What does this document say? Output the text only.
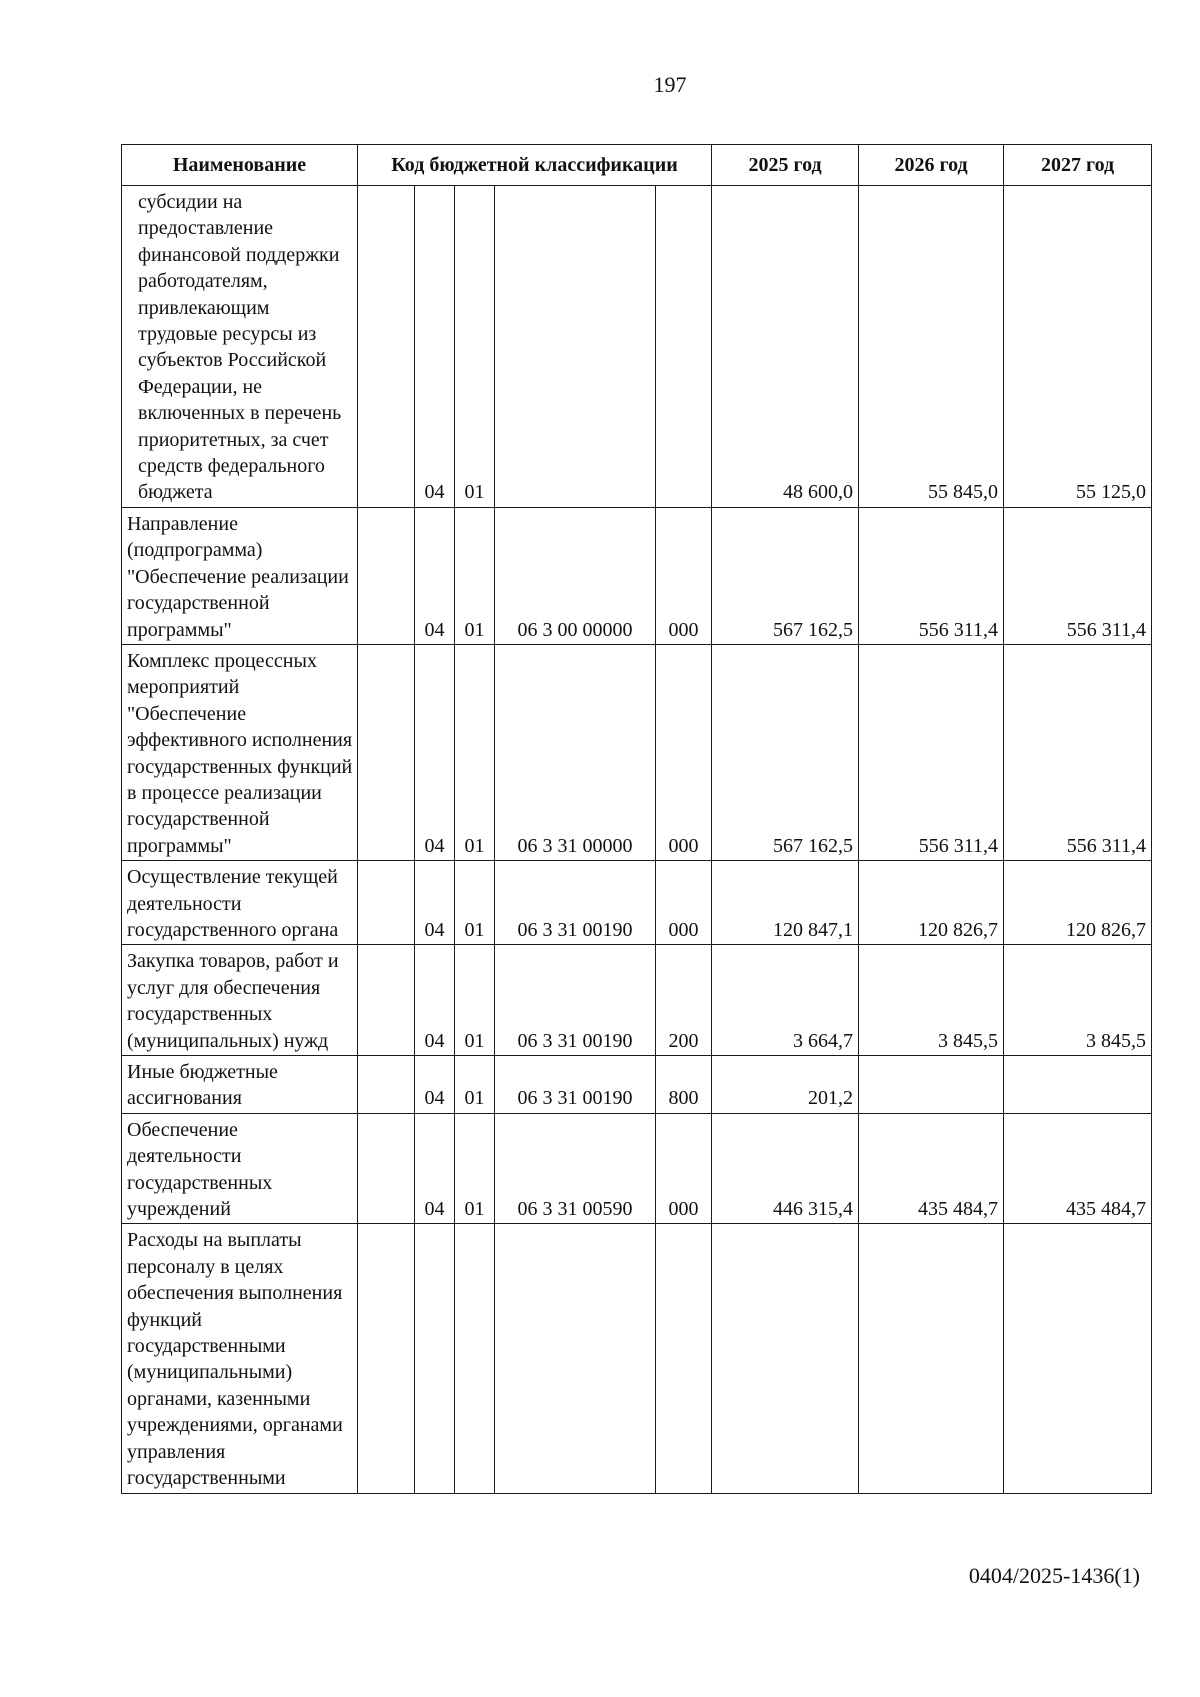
197
Наименование	Код бюджетной классификации					2025 год	2026 год	2027 год
субсидии на предоставление финансовой поддержки работодателям, привлекающим трудовые ресурсы из субъектов Российской Федерации, не включенных в перечень приоритетных, за счет средств федерального бюджета		04	01			48 600,0	55 845,0	55 125,0
Направление (подпрограмма) "Обеспечение реализации государственной программы"		04	01	06 3 00 00000	000	567 162,5	556 311,4	556 311,4
Комплекс процессных мероприятий "Обеспечение эффективного исполнения государственных функций в процессе реализации государственной программы"		04	01	06 3 31 00000	000	567 162,5	556 311,4	556 311,4
Осуществление текущей деятельности государственного органа		04	01	06 3 31 00190	000	120 847,1	120 826,7	120 826,7
Закупка товаров, работ и услуг для обеспечения государственных (муниципальных) нужд		04	01	06 3 31 00190	200	3 664,7	3 845,5	3 845,5
Иные бюджетные ассигнования		04	01	06 3 31 00190	800	201,2		
Обеспечение деятельности государственных учреждений		04	01	06 3 31 00590	000	446 315,4	435 484,7	435 484,7
Расходы на выплаты персоналу в целях обеспечения выполнения функций государственными (муниципальными) органами, казенными учреждениями, органами управления государственными								
0404/2025-1436(1)
